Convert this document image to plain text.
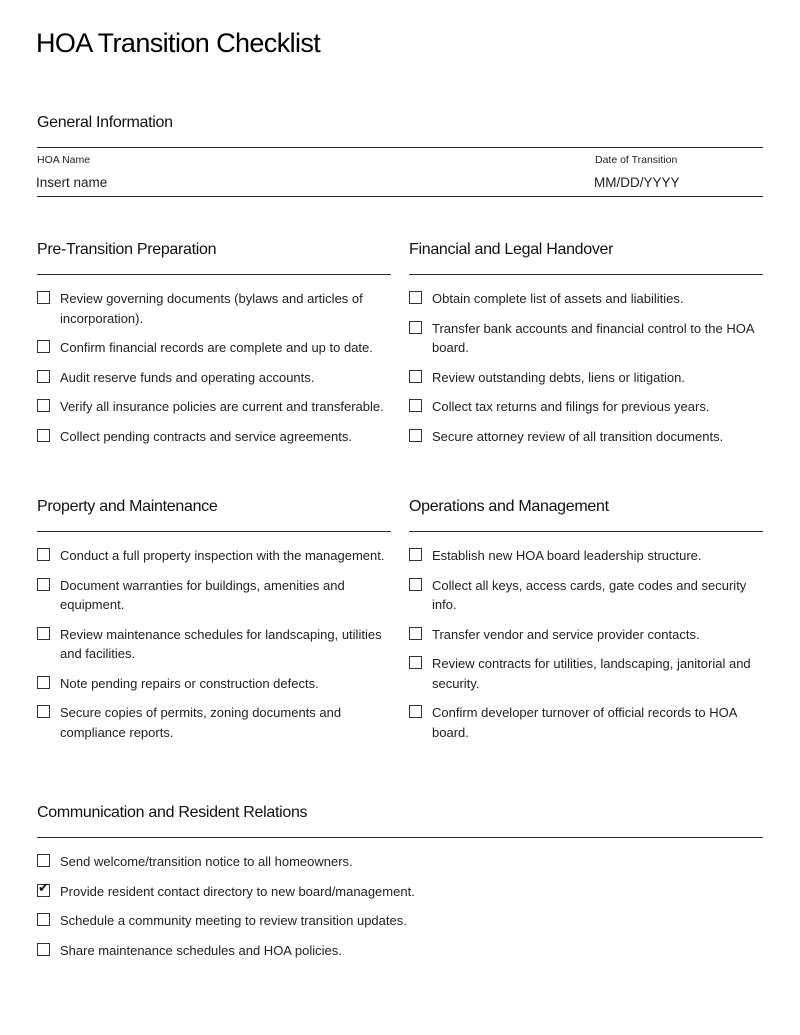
HOA Transition Checklist
General Information
HOA Name
Insert name
Date of Transition
MM/DD/YYYY
Pre-Transition Preparation
Review governing documents (bylaws and articles of incorporation).
Confirm financial records are complete and up to date.
Audit reserve funds and operating accounts.
Verify all insurance policies are current and transferable.
Collect pending contracts and service agreements.
Financial and Legal Handover
Obtain complete list of assets and liabilities.
Transfer bank accounts and financial control to the HOA board.
Review outstanding debts, liens or litigation.
Collect tax returns and filings for previous years.
Secure attorney review of all transition documents.
Property and Maintenance
Conduct a full property inspection with the management.
Document warranties for buildings, amenities and equipment.
Review maintenance schedules for landscaping, utilities and facilities.
Note pending repairs or construction defects.
Secure copies of permits, zoning documents and compliance reports.
Operations and Management
Establish new HOA board leadership structure.
Collect all keys, access cards, gate codes and security info.
Transfer vendor and service provider contacts.
Review contracts for utilities, landscaping, janitorial and security.
Confirm developer turnover of official records to HOA board.
Communication and Resident Relations
Send welcome/transition notice to all homeowners.
✔ Provide resident contact directory to new board/management.
Schedule a community meeting to review transition updates.
Share maintenance schedules and HOA policies.
